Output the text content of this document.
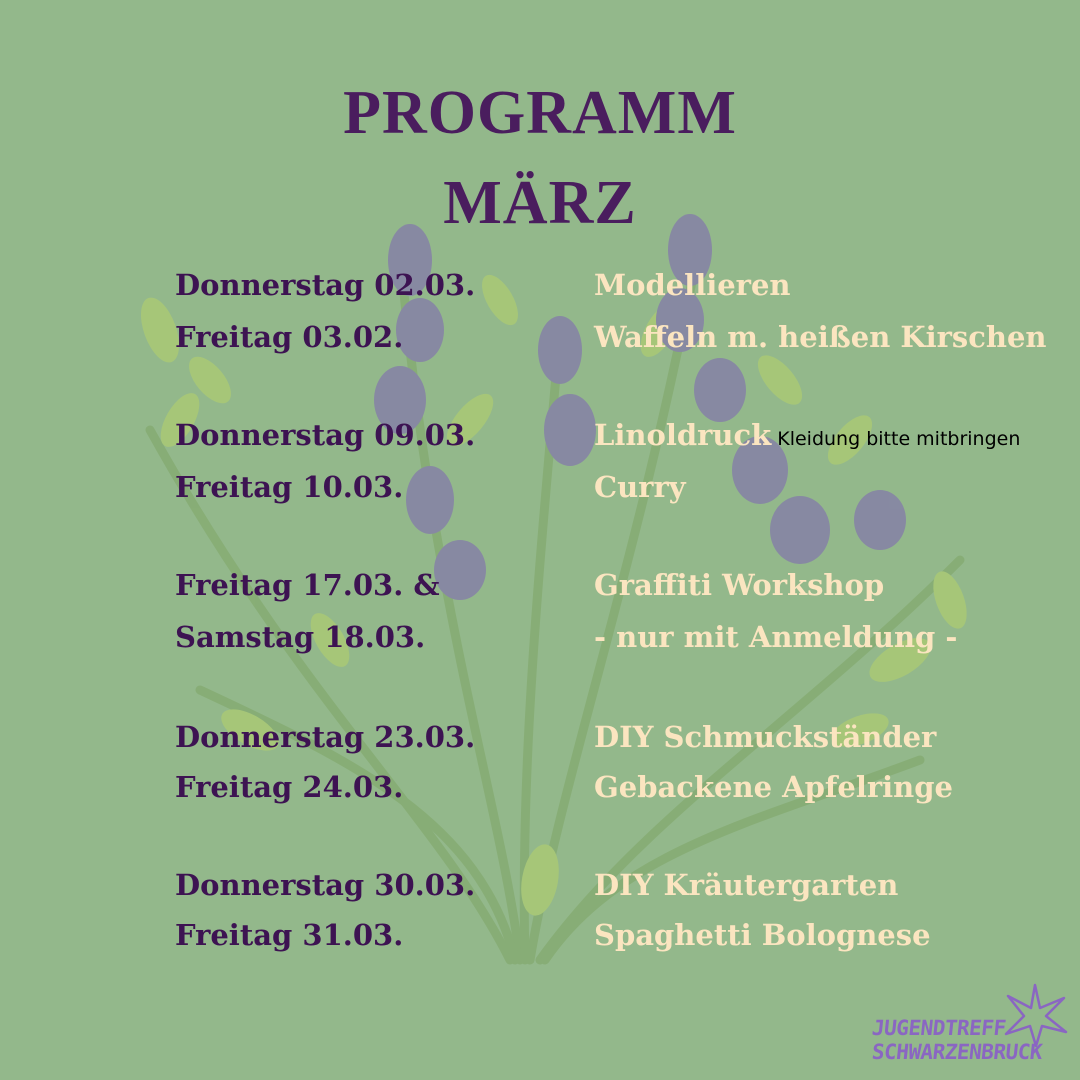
PROGRAMM
MÄRZ
Donnerstag 02.03.
Freitag 03.02.
Modellieren
Waffeln m. heißen Kirschen
Donnerstag 09.03.
Freitag 10.03.
Linoldruck Kleidung bitte mitbringen
Curry
Freitag 17.03. &
Samstag 18.03.
Graffiti Workshop
- nur mit Anmeldung -
Donnerstag 23.03.
Freitag 24.03.
DIY Schmuckständer
Gebackene Apfelringe
Donnerstag 30.03.
Freitag 31.03.
DIY Kräutergarten
Spaghetti Bolognese
JUGENDTREFF
SCHWARZENBRUCK
